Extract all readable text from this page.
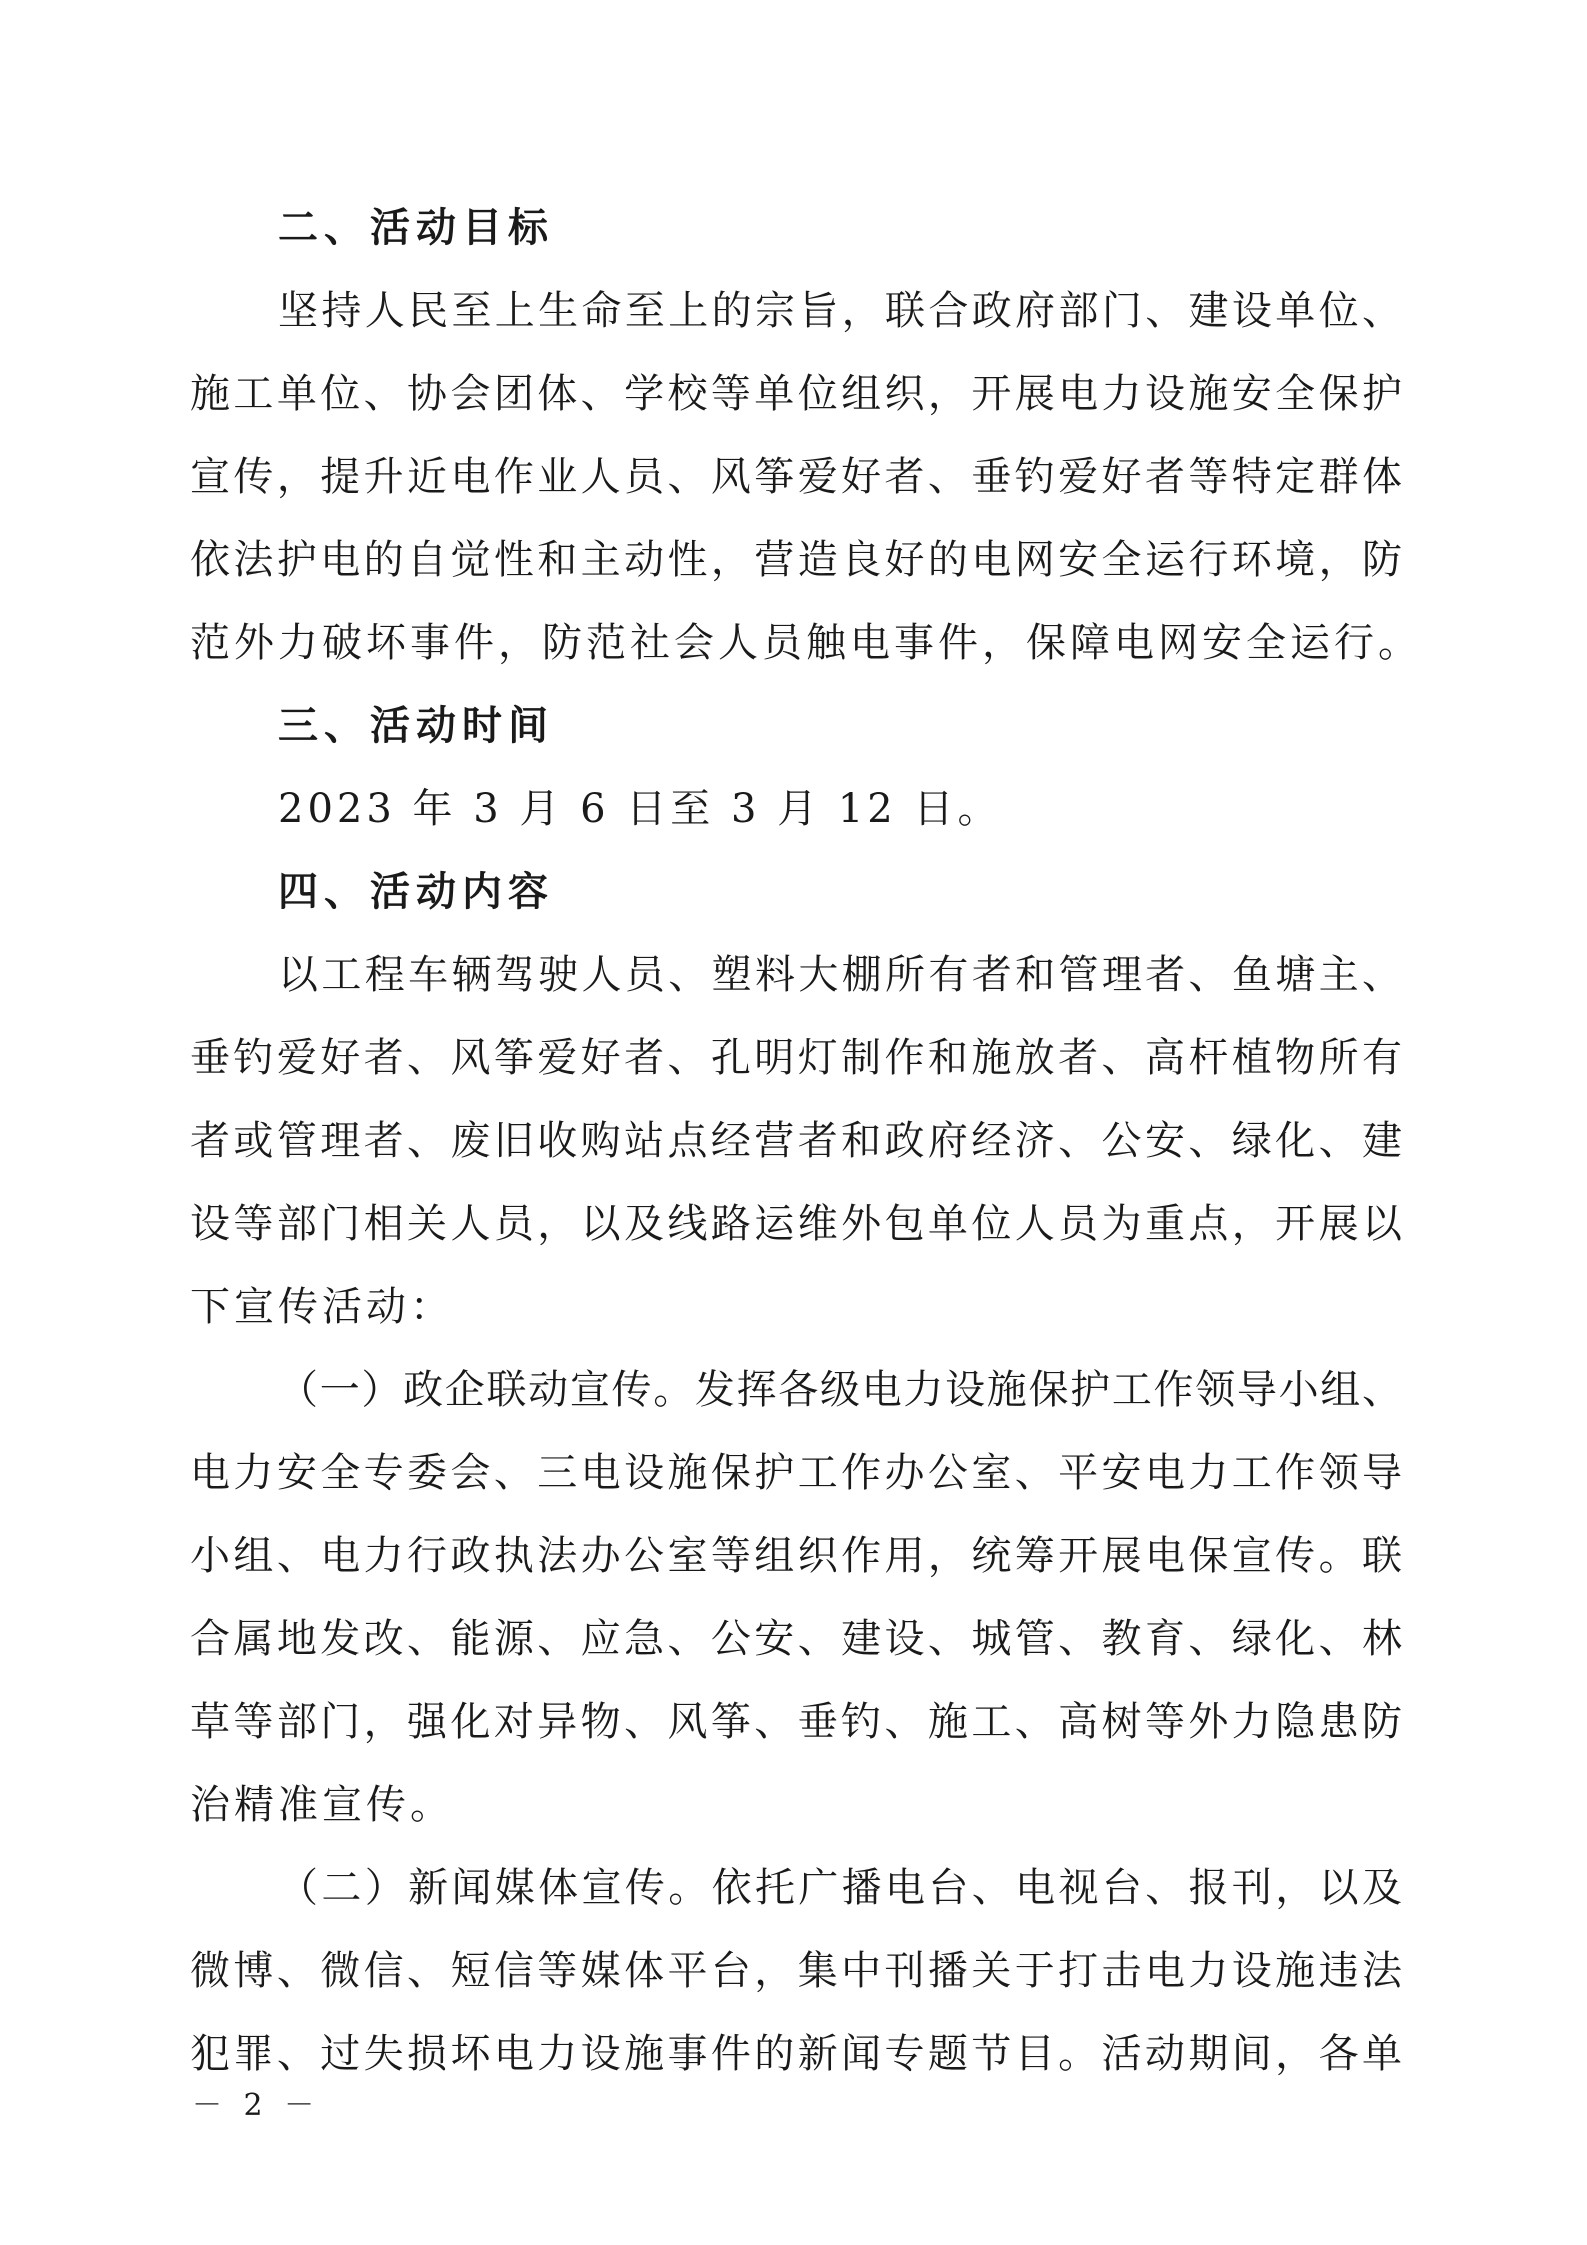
二、活动目标
坚持人民至上生命至上的宗旨，联合政府部门、建设单位、
施工单位、协会团体、学校等单位组织，开展电力设施安全保护
宣传，提升近电作业人员、风筝爱好者、垂钓爱好者等特定群体
依法护电的自觉性和主动性，营造良好的电网安全运行环境，防
范外力破坏事件，防范社会人员触电事件，保障电网安全运行。
三、活动时间
2023 年 3 月 6 日至 3 月 12 日。
四、活动内容
以工程车辆驾驶人员、塑料大棚所有者和管理者、鱼塘主、
垂钓爱好者、风筝爱好者、孔明灯制作和施放者、高杆植物所有
者或管理者、废旧收购站点经营者和政府经济、公安、绿化、建
设等部门相关人员，以及线路运维外包单位人员为重点，开展以
下宣传活动：
（一）政企联动宣传。发挥各级电力设施保护工作领导小组、
电力安全专委会、三电设施保护工作办公室、平安电力工作领导
小组、电力行政执法办公室等组织作用，统筹开展电保宣传。联
合属地发改、能源、应急、公安、建设、城管、教育、绿化、林
草等部门，强化对异物、风筝、垂钓、施工、高树等外力隐患防
治精准宣传。
（二）新闻媒体宣传。依托广播电台、电视台、报刊，以及
微博、微信、短信等媒体平台，集中刊播关于打击电力设施违法
犯罪、过失损坏电力设施事件的新闻专题节目。活动期间，各单
－ 2 －
